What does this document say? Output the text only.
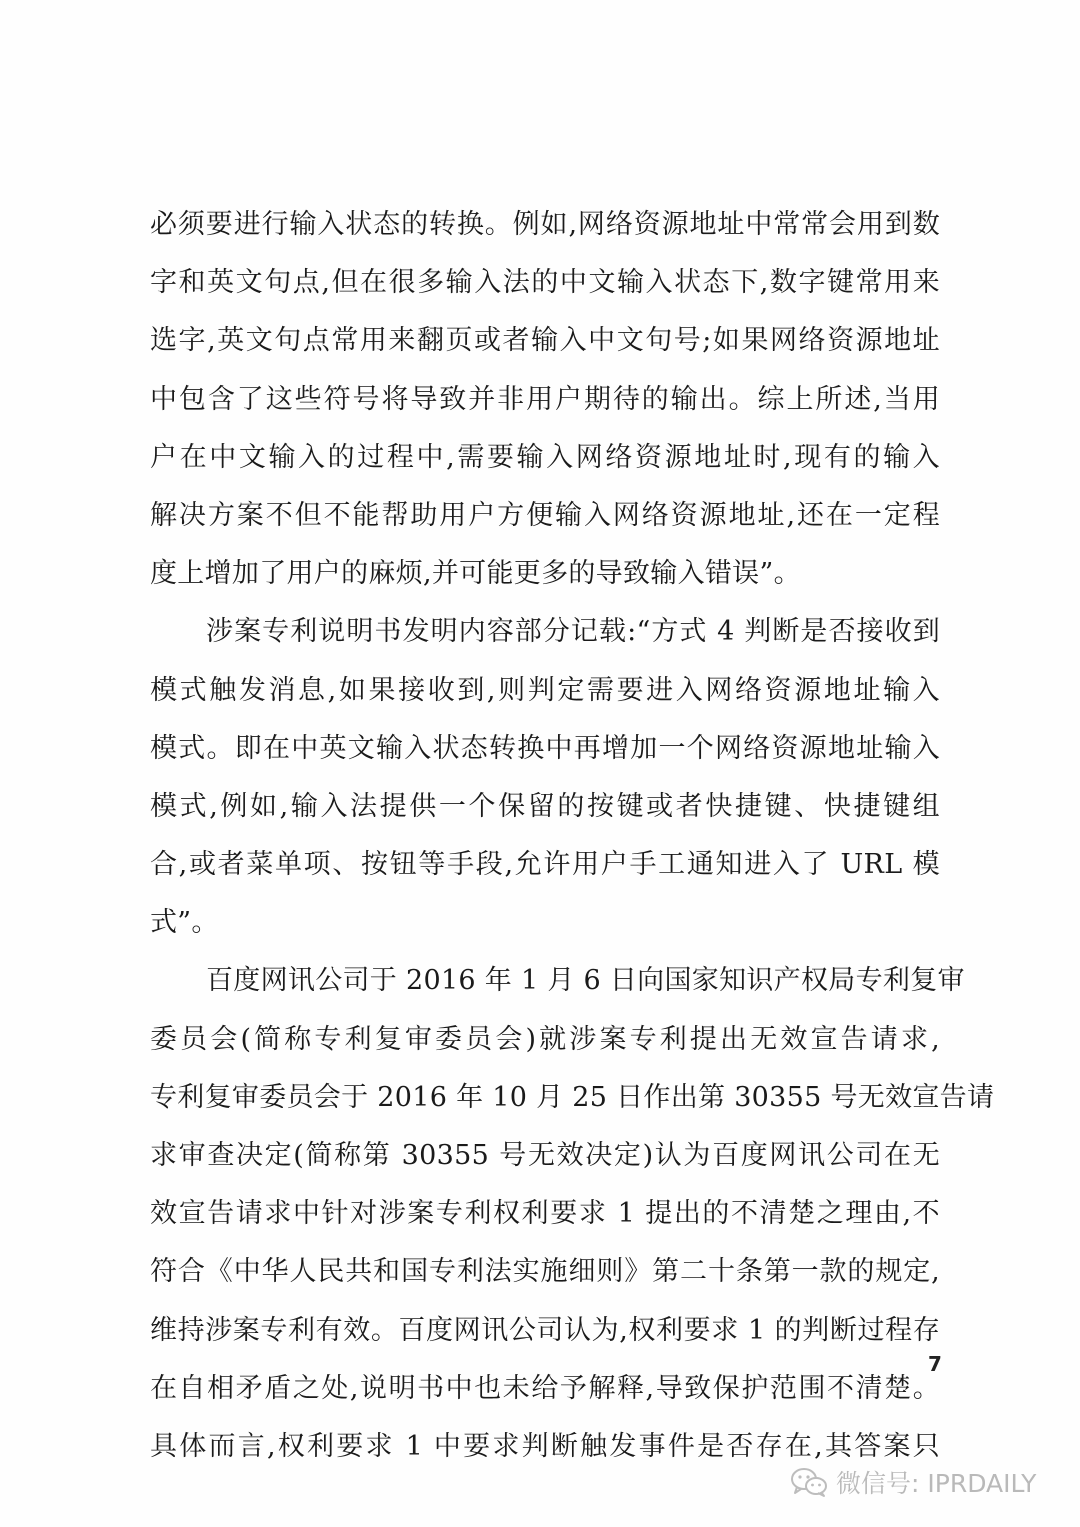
必须要进行输入状态的转换。例如,网络资源地址中常常会用到数
字和英文句点,但在很多输入法的中文输入状态下,数字键常用来
选字,英文句点常用来翻页或者输入中文句号;如果网络资源地址
中包含了这些符号将导致并非用户期待的输出。综上所述,当用
户在中文输入的过程中,需要输入网络资源地址时,现有的输入
解决方案不但不能帮助用户方便输入网络资源地址,还在一定程
度上增加了用户的麻烦,并可能更多的导致输入错误”。
涉案专利说明书发明内容部分记载:“方式 4 判断是否接收到
模式触发消息,如果接收到,则判定需要进入网络资源地址输入
模式。即在中英文输入状态转换中再增加一个网络资源地址输入
模式,例如,输入法提供一个保留的按键或者快捷键、快捷键组
合,或者菜单项、按钮等手段,允许用户手工通知进入了 URL 模
式”。
百度网讯公司于 2016 年 1 月 6 日向国家知识产权局专利复审
委员会(简称专利复审委员会)就涉案专利提出无效宣告请求,
专利复审委员会于 2016 年 10 月 25 日作出第 30355 号无效宣告请
求审查决定(简称第 30355 号无效决定)认为百度网讯公司在无
效宣告请求中针对涉案专利权利要求 1 提出的不清楚之理由,不
符合《中华人民共和国专利法实施细则》第二十条第一款的规定,
维持涉案专利有效。百度网讯公司认为,权利要求 1 的判断过程存
在自相矛盾之处,说明书中也未给予解释,导致保护范围不清楚。
具体而言,权利要求 1 中要求判断触发事件是否存在,其答案只
7
微信号: IPRDAILY
